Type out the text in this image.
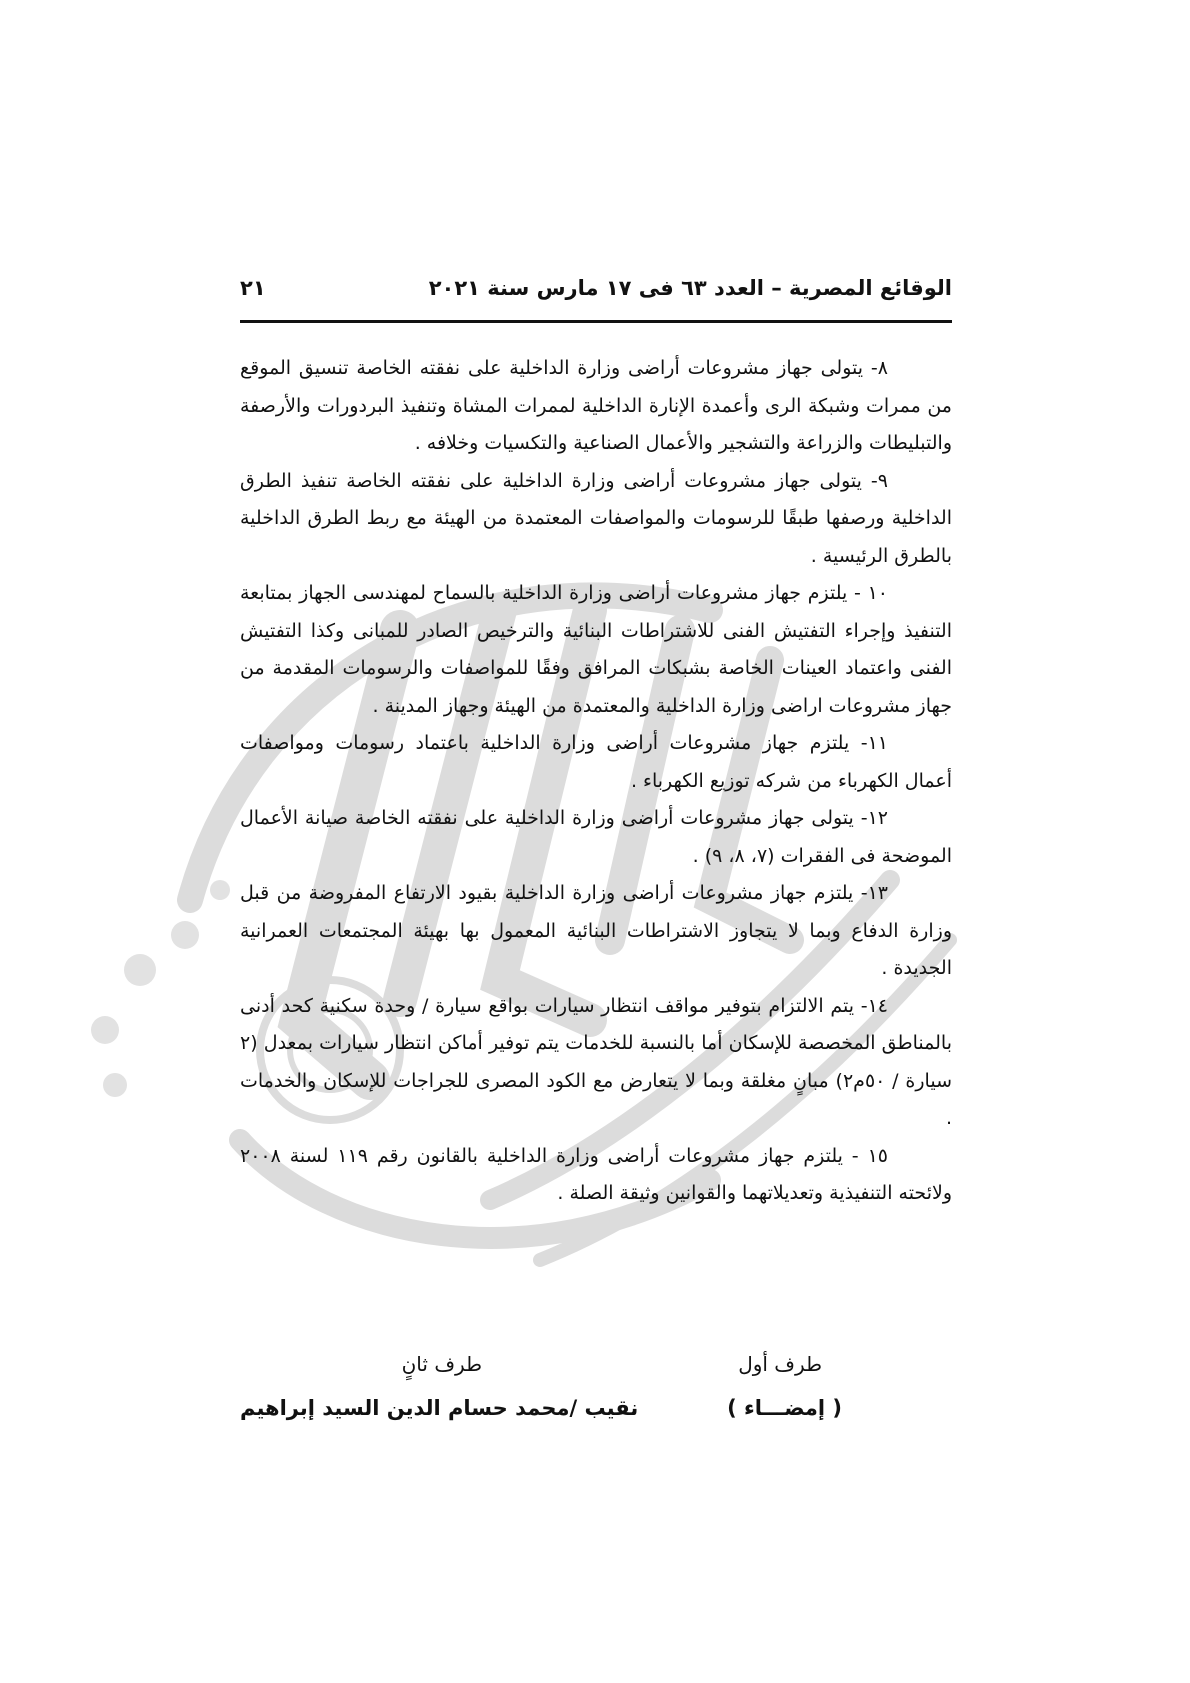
الوقائع المصرية – العدد ٦٣ فى ١٧ مارس سنة ٢٠٢١
٢١

٨- يتولى جهاز مشروعات أراضى وزارة الداخلية على نفقته الخاصة تنسيق الموقع من ممرات وشبكة الرى وأعمدة الإنارة الداخلية لممرات المشاة وتنفيذ البردورات والأرصفة والتبليطات والزراعة والتشجير والأعمال الصناعية والتكسيات وخلافه .

٩- يتولى جهاز مشروعات أراضى وزارة الداخلية على نفقته الخاصة تنفيذ الطرق الداخلية ورصفها طبقًا للرسومات والمواصفات المعتمدة من الهيئة مع ربط الطرق الداخلية بالطرق الرئيسية .

١٠ - يلتزم جهاز مشروعات أراضى وزارة الداخلية بالسماح لمهندسى الجهاز بمتابعة التنفيذ وإجراء التفتيش الفنى للاشتراطات البنائية والترخيص الصادر للمبانى وكذا التفتيش الفنى واعتماد العينات الخاصة بشبكات المرافق وفقًا للمواصفات والرسومات المقدمة من جهاز مشروعات اراضى وزارة الداخلية والمعتمدة من الهيئة وجهاز المدينة .

١١- يلتزم جهاز مشروعات أراضى وزارة الداخلية باعتماد رسومات ومواصفات أعمال الكهرباء من شركه توزيع الكهرباء .

١٢- يتولى جهاز مشروعات أراضى وزارة الداخلية على نفقته الخاصة صيانة الأعمال الموضحة فى الفقرات (٧، ٨، ٩) .

١٣- يلتزم جهاز مشروعات أراضى وزارة الداخلية بقيود الارتفاع المفروضة من قبل وزارة الدفاع وبما لا يتجاوز الاشتراطات البنائية المعمول بها بهيئة المجتمعات العمرانية الجديدة .

١٤- يتم الالتزام بتوفير مواقف انتظار سيارات بواقع سيارة / وحدة سكنية كحد أدنى بالمناطق المخصصة للإسكان أما بالنسبة للخدمات يتم توفير أماكن انتظار سيارات بمعدل (٢ سيارة / ٥٠م٢) مبانٍ مغلقة وبما لا يتعارض مع الكود المصرى للجراجات للإسكان والخدمات .

١٥ - يلتزم جهاز مشروعات أراضى وزارة الداخلية بالقانون رقم ١١٩ لسنة ٢٠٠٨ ولائحته التنفيذية وتعديلاتهما والقوانين وثيقة الصلة .

طرف أول
طرف ثانٍ
( إمضـــاء )
نقيب /محمد حسام الدين السيد إبراهيم
